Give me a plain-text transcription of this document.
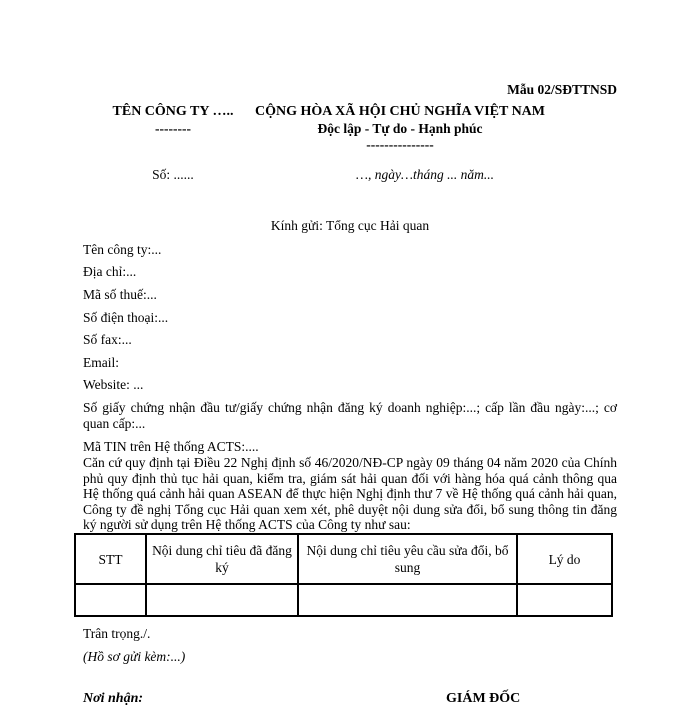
Mẫu 02/SĐTTNSD
TÊN CÔNG TY …..
--------
CỘNG HÒA XÃ HỘI CHỦ NGHĨA VIỆT NAM
Độc lập - Tự do - Hạnh phúc
---------------
Số: ......	…, ngày…tháng ... năm...
Kính gửi: Tổng cục Hải quan
Tên công ty:...
Địa chỉ:...
Mã số thuế:...
Số điện thoại:...
Số fax:...
Email:
Website: ...
Số giấy chứng nhận đầu tư/giấy chứng nhận đăng ký doanh nghiệp:...; cấp lần đầu ngày:...; cơ quan cấp:...
Mã TIN trên Hệ thống ACTS:....
Căn cứ quy định tại Điều 22 Nghị định số 46/2020/NĐ-CP ngày 09 tháng 04 năm 2020 của Chính phủ quy định thủ tục hải quan, kiểm tra, giám sát hải quan đối với hàng hóa quá cảnh thông qua Hệ thống quá cảnh hải quan ASEAN để thực hiện Nghị định thư 7 về Hệ thống quá cảnh hải quan, Công ty đề nghị Tổng cục Hải quan xem xét, phê duyệt nội dung sửa đổi, bổ sung thông tin đăng ký người sử dụng trên Hệ thống ACTS của Công ty như sau:
STT	Nội dung chỉ tiêu đã đăng ký	Nội dung chỉ tiêu yêu cầu sửa đổi, bổ sung	Lý do

Trân trọng./.
(Hồ sơ gửi kèm:...)
Nơi nhận:	GIÁM ĐỐC
